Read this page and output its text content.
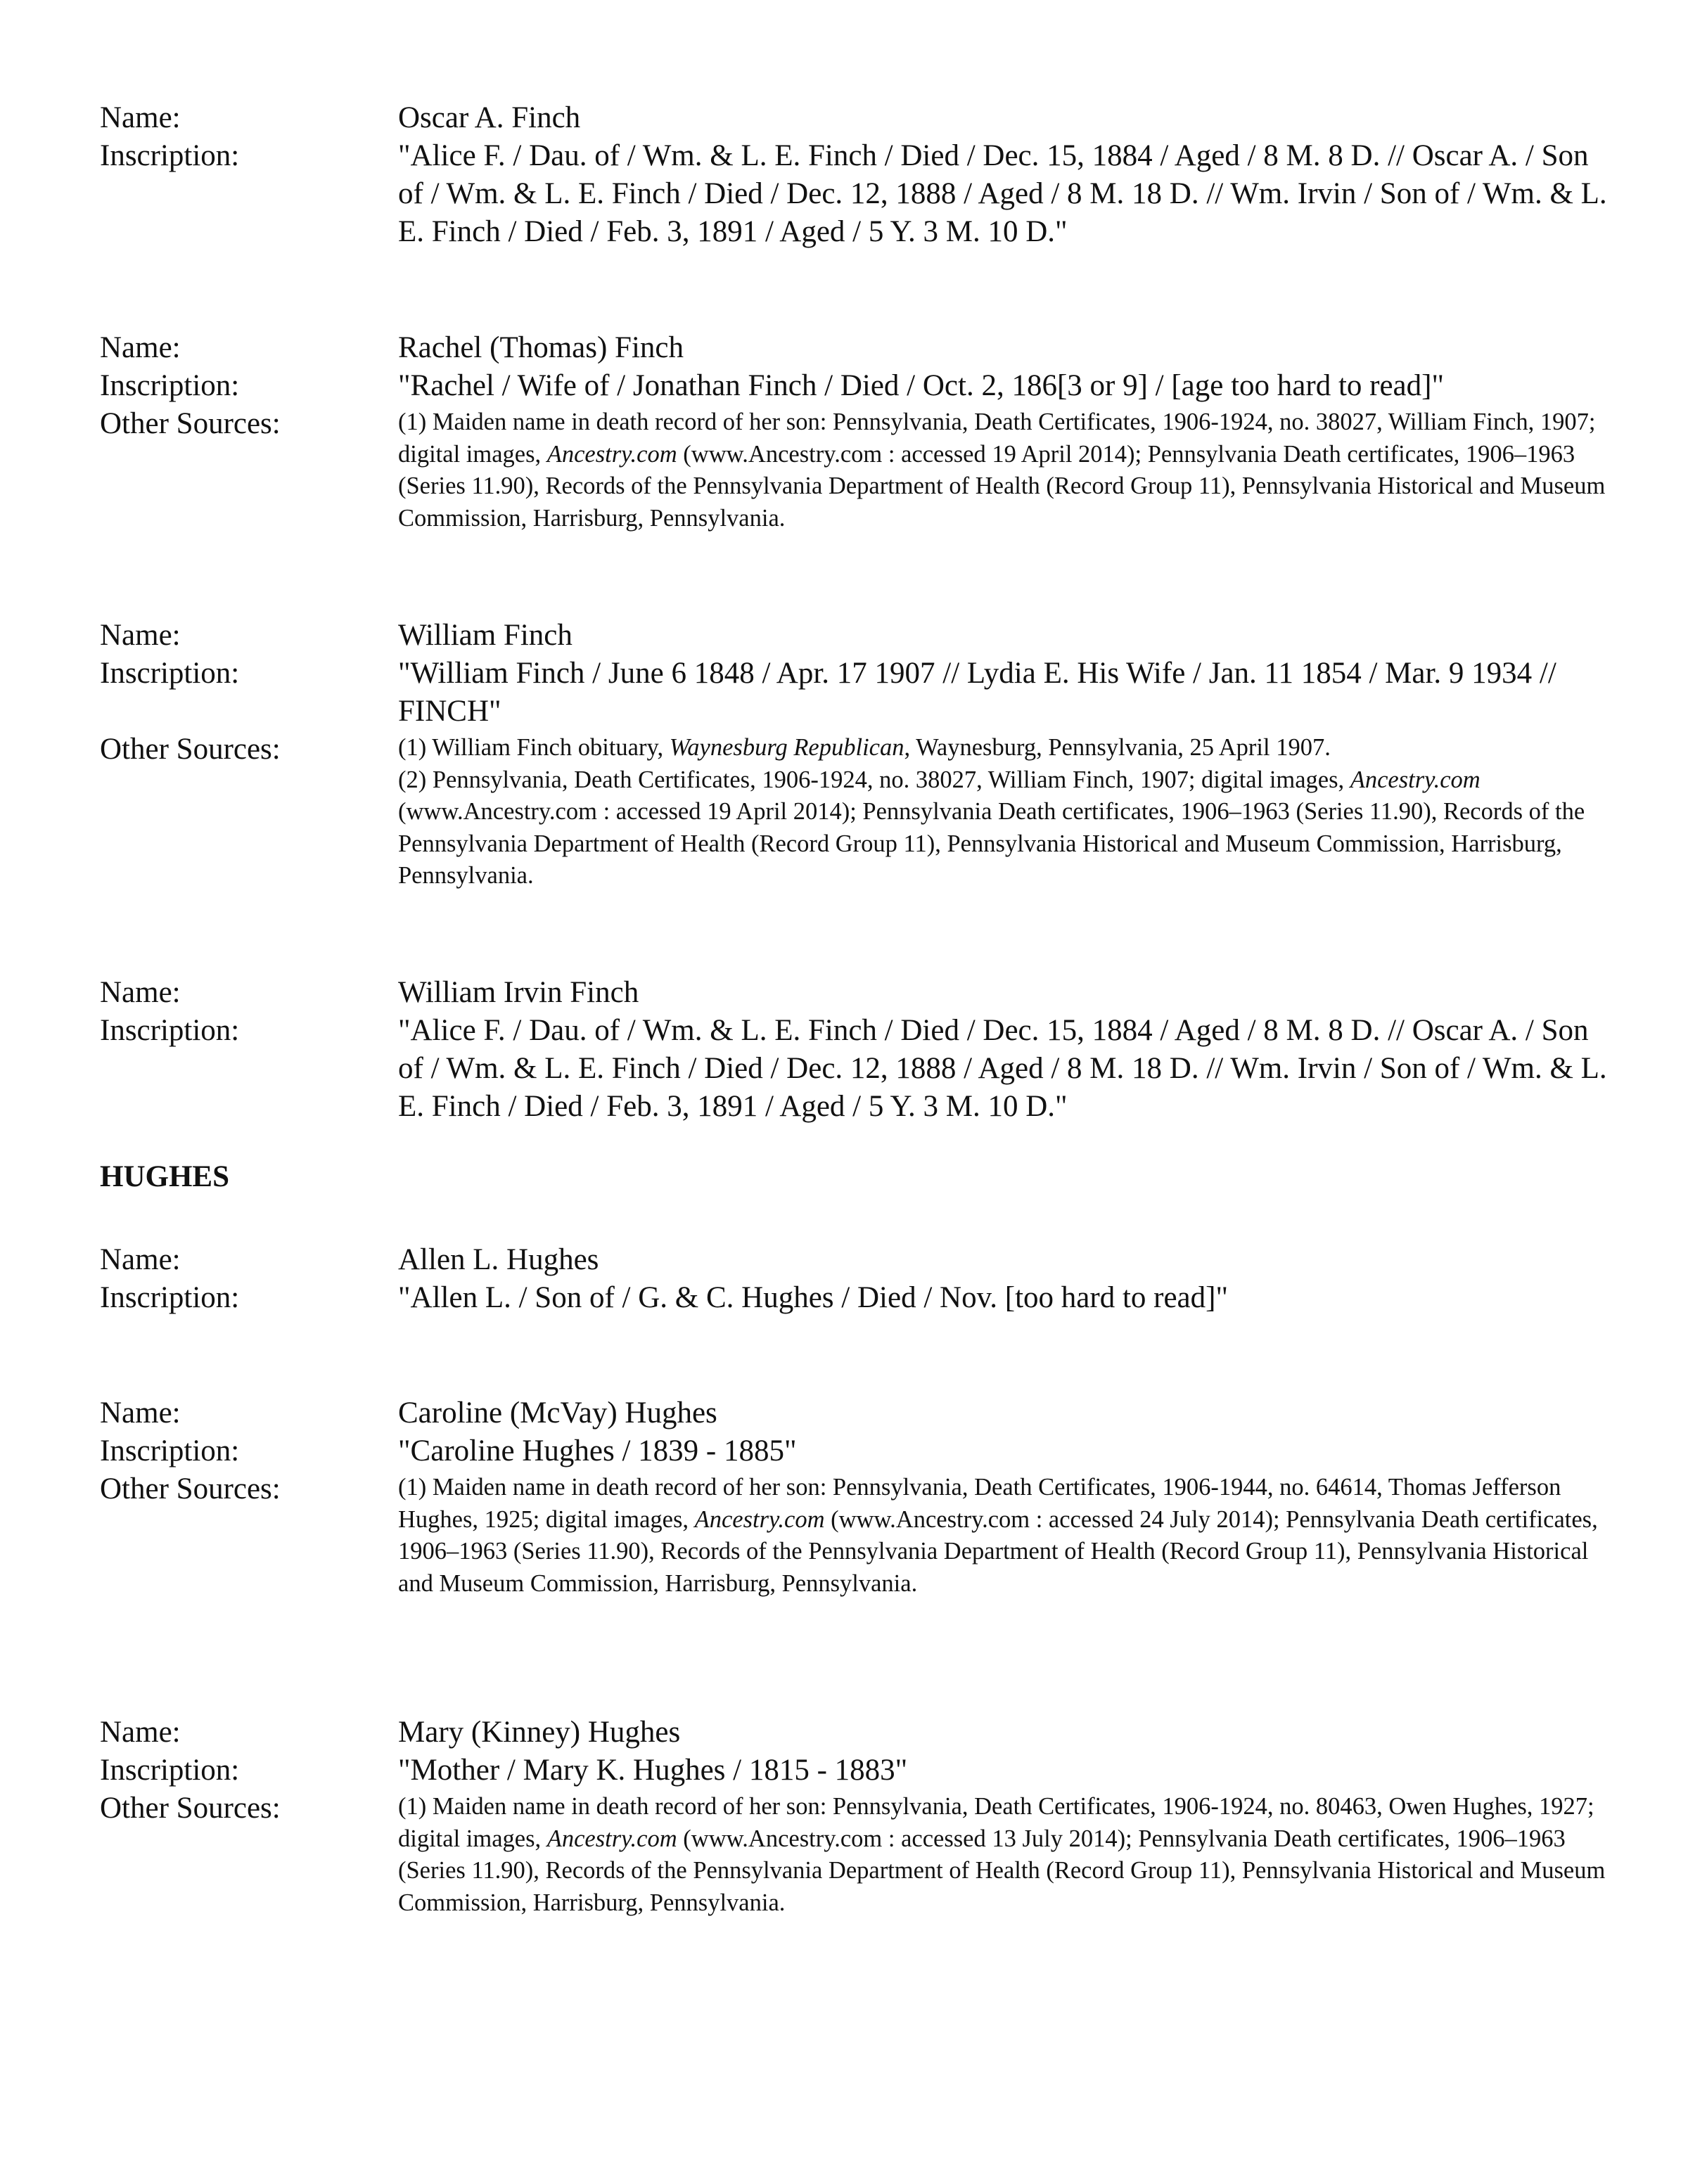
Name:	Oscar A. Finch
Inscription:	"Alice F. / Dau. of / Wm. & L. E. Finch / Died / Dec. 15, 1884 / Aged / 8 M. 8 D. // Oscar A. / Son of / Wm. & L. E. Finch / Died / Dec. 12, 1888 / Aged / 8 M. 18 D. // Wm. Irvin / Son of / Wm. & L. E. Finch / Died / Feb. 3, 1891 / Aged / 5 Y. 3 M. 10 D."
Name:	Rachel (Thomas) Finch
Inscription:	"Rachel / Wife of / Jonathan Finch / Died / Oct. 2, 186[3 or 9] / [age too hard to read]"
Other Sources:	(1) Maiden name in death record of her son: Pennsylvania, Death Certificates, 1906-1924, no. 38027, William Finch, 1907; digital images, Ancestry.com (www.Ancestry.com : accessed 19 April 2014); Pennsylvania Death certificates, 1906–1963 (Series 11.90), Records of the Pennsylvania Department of Health (Record Group 11), Pennsylvania Historical and Museum Commission, Harrisburg, Pennsylvania.

Name:	William Finch
Inscription:	"William Finch / June 6 1848 / Apr. 17 1907 // Lydia E. His Wife / Jan. 11 1854 / Mar. 9 1934 // FINCH"
Other Sources:	(1) William Finch obituary, Waynesburg Republican, Waynesburg, Pennsylvania, 25 April 1907.

(2) Pennsylvania, Death Certificates, 1906-1924, no. 38027, William Finch, 1907; digital images, Ancestry.com (www.Ancestry.com : accessed 19 April 2014); Pennsylvania Death certificates, 1906–1963 (Series 11.90), Records of the Pennsylvania Department of Health (Record Group 11), Pennsylvania Historical and Museum Commission, Harrisburg, Pennsylvania.

Name:	William Irvin Finch
Inscription:	"Alice F. / Dau. of / Wm. & L. E. Finch / Died / Dec. 15, 1884 / Aged / 8 M. 8 D. // Oscar A. / Son of / Wm. & L. E. Finch / Died / Dec. 12, 1888 / Aged / 8 M. 18 D. // Wm. Irvin / Son of / Wm. & L. E. Finch / Died / Feb. 3, 1891 / Aged / 5 Y. 3 M. 10 D."
HUGHES
Name:	Allen L. Hughes
Inscription:	"Allen L. / Son of / G. & C. Hughes / Died / Nov. [too hard to read]"
Name:	Caroline (McVay) Hughes
Inscription:	"Caroline Hughes / 1839 - 1885"
Other Sources:	(1) Maiden name in death record of her son: Pennsylvania, Death Certificates, 1906-1944, no. 64614, Thomas Jefferson Hughes, 1925; digital images, Ancestry.com (www.Ancestry.com : accessed 24 July 2014); Pennsylvania Death certificates, 1906–1963 (Series 11.90), Records of the Pennsylvania Department of Health (Record Group 11), Pennsylvania Historical and Museum Commission, Harrisburg, Pennsylvania.

Name:	Mary (Kinney) Hughes
Inscription:	"Mother / Mary K. Hughes / 1815 - 1883"
Other Sources:	(1) Maiden name in death record of her son: Pennsylvania, Death Certificates, 1906-1924, no. 80463, Owen Hughes, 1927; digital images, Ancestry.com (www.Ancestry.com : accessed 13 July 2014); Pennsylvania Death certificates, 1906–1963 (Series 11.90), Records of the Pennsylvania Department of Health (Record Group 11), Pennsylvania Historical and Museum Commission, Harrisburg, Pennsylvania.
